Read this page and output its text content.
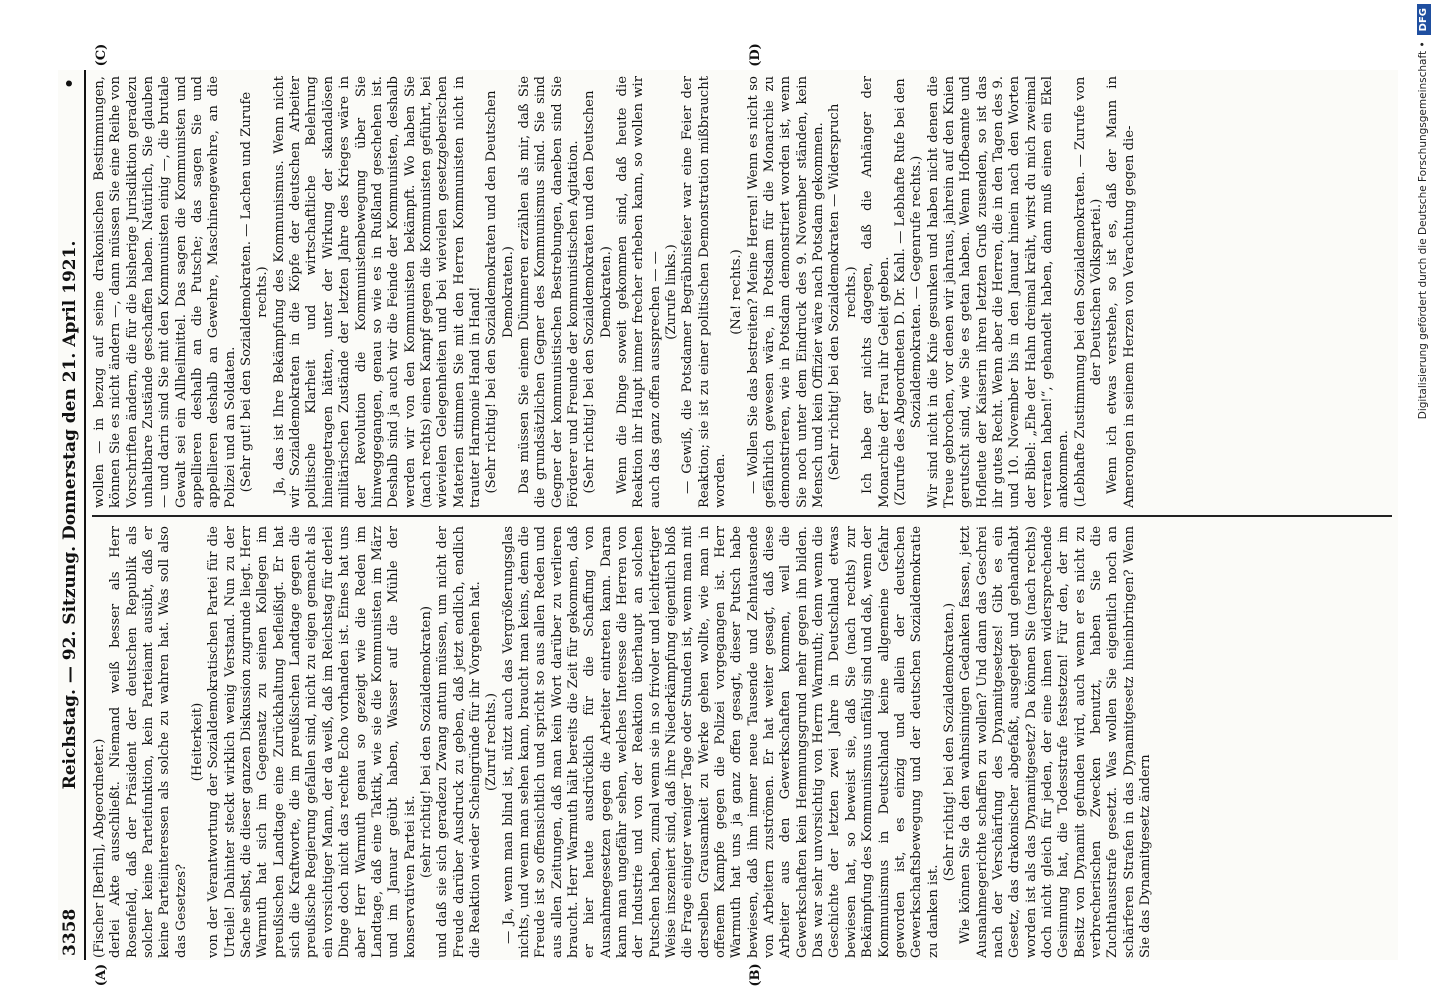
3358
Reichstag. — 92. Sitzung. Donnerstag den 21. April 1921.
•
(A)	(B)
(C)	(D)

(Fischer [Berlin], Abgeordneter.) derlei Akte ausschließt. Niemand weiß besser als Herr Rosenfeld, daß der Präsident der deutschen Republik als solcher keine Parteifunktion, kein Parteiamt ausübt, daß er keine Parteiinteressen als solche zu wahren hat. Was soll also das Gesetzes?

(Heiterkeit) von der Verantwortung der Sozialdemokratischen Partei für die Urteile! Dahinter steckt wirklich wenig Verstand. Nun zu der Sache selbst, die dieser ganzen Diskussion zugrunde liegt. Herr Warmuth hat sich im Gegensatz zu seinen Kollegen im preußischen Landtage eine Zurückhaltung befleißigt. Er hat sich die Kraftworte, die im preußischen Landtage gegen die preußische Regierung gefallen sind, nicht zu eigen gemacht als ein vorsichtiger Mann, der da weiß, daß im Reichstag für derlei Dinge doch nicht das rechte Echo vorhanden ist. Eines hat uns aber Herr Warmuth genau so gezeigt wie die Reden im Landtage, daß eine Taktik, wie sie die Kommunisten im März und im Januar geübt haben, Wasser auf die Mühle der konservativen Partei ist. (sehr richtig! bei den Sozialdemokraten) und daß sie sich geradezu Zwang antun müssen, um nicht der Freude darüber Ausdruck zu geben, daß jetzt endlich, endlich die Reaktion wieder Scheingründe für ihr Vorgehen hat. (Zuruf rechts.) — Ja, wenn man blind ist, nützt auch das Vergrößerungsglas nichts, und wenn man sehen kann, braucht man keins, denn die Freude ist so offensichtlich und spricht so aus allen Reden und aus allen Zeitungen, daß man kein Wort darüber zu verlieren braucht. Herr Warmuth hält bereits die Zeit für gekommen, daß er hier heute ausdrücklich für die Schaffung von Ausnahmegesetzen gegen die Arbeiter eintreten kann. Daran kann man ungefähr sehen, welches Interesse die Herren von der Industrie und von der Reaktion überhaupt an solchen Putschen haben, zumal wenn sie in so frivoler und leichtfertiger Weise inszeniert sind, daß ihre Niederkämpfung eigentlich bloß die Frage einiger weniger Tage oder Stunden ist, wenn man mit derselben Grausamkeit zu Werke gehen wollte, wie man in offenem Kampfe gegen die Polizei vorgegangen ist. Herr Warmuth hat uns ja ganz offen gesagt, dieser Putsch habe bewiesen, daß ihm immer neue Tausende und Zehntausende von Arbeitern zuströmen. Er hat weiter gesagt, daß diese Arbeiter aus den Gewerkschaften kommen, weil die Gewerkschaften kein Hemmungsgrund mehr gegen ihn bilden. Das war sehr unvorsichtig von Herrn Warmuth; denn wenn die Geschichte der letzten zwei Jahre in Deutschland etwas bewiesen hat, so beweist sie, daß Sie (nach rechts) zur Bekämpfung des Kommunismus unfähig sind und daß, wenn der Kommunismus in Deutschland keine allgemeine Gefahr geworden ist, es einzig und allein der deutschen Gewerkschaftsbewegung und der deutschen Sozialdemokratie zu danken ist.

(Sehr richtig! bei den Sozialdemokraten.) Wie können Sie da den wahnsinnigen Gedanken fassen, jetzt Ausnahmegerichte schaffen zu wollen? Und dann das Geschrei nach der Verschärfung des Dynamitgesetzes! Gibt es ein Gesetz, das drakonischer abgefaßt, ausgelegt und gehandhabt worden ist als das Dynamitgesetz? Da können Sie (nach rechts) doch nicht gleich für jeden, der eine ihnen widersprechende Gesinnung hat, die Todesstrafe festsetzen! Für den, der im Besitz von Dynamit gefunden wird, auch wenn er es nicht zu verbrecherischen Zwecken benutzt, haben Sie die Zuchthausstrafe gesetzt. Was wollen Sie eigentlich noch an schärferen Strafen in das Dynamitgesetz hineinbringen? Wenn Sie das Dynamitgesetz ändern

wollen — in bezug auf seine drakonischen Bestimmungen, können Sie es nicht ändern —, dann müssen Sie eine Reihe von Vorschriften ändern, die für die bisherige Jurisdiktion geradezu unhaltbare Zustände geschaffen haben. Natürlich, Sie glauben — und darin sind Sie mit den Kommunisten einig —, die brutale Gewalt sei ein Allheilmittel. Das sagen die Kommunisten und appellieren deshalb an die Putsche; das sagen Sie und appellieren deshalb an Gewehre, Maschinengewehre, an die Polizei und an Soldaten. (Sehr gut! bei den Sozialdemokraten. — Lachen und Zurufe rechts.) Ja, das ist Ihre Bekämpfung des Kommunismus. Wenn nicht wir Sozialdemokraten in die Köpfe der deutschen Arbeiter politische Klarheit und wirtschaftliche Belehrung hineingetragen hätten, unter der Wirkung der skandalösen militärischen Zustände der letzten Jahre des Krieges wäre in der Revolution die Kommunistenbewegung über Sie hinweggegangen, genau so wie es in Rußland geschehen ist. Deshalb sind ja auch wir die Feinde der Kommunisten, deshalb werden wir von den Kommunisten bekämpft. Wo haben Sie (nach rechts) einen Kampf gegen die Kommunisten geführt, bei wievielen Gelegenheiten und bei wievielen gesetzgeberischen Materien stimmen Sie mit den Herren Kommunisten nicht in trauter Harmonie Hand in Hand! (Sehr richtig! bei den Sozialdemokraten und den Deutschen Demokraten.) Das müssen Sie einem Dümmeren erzählen als mir, daß Sie die grundsätzlichen Gegner des Kommunismus sind. Sie sind Gegner der kommunistischen Bestrebungen, daneben sind Sie Förderer und Freunde der kommunistischen Agitation. (Sehr richtig! bei den Sozialdemokraten und den Deutschen Demokraten.) Wenn die Dinge soweit gekommen sind, daß heute die Reaktion ihr Haupt immer frecher erheben kann, so wollen wir auch das ganz offen aussprechen — — (Zurufe links.) — Gewiß, die Potsdamer Begräbnisfeier war eine Feier der Reaktion; sie ist zu einer politischen Demonstration mißbraucht worden.

(Na! rechts.) — Wollen Sie das bestreiten? Meine Herren! Wenn es nicht so gefährlich gewesen wäre, in Potsdam für die Monarchie zu demonstrieren, wie in Potsdam demonstriert worden ist, wenn Sie noch unter dem Eindruck des 9. November ständen, kein Mensch und kein Offizier wäre nach Potsdam gekommen. (Sehr richtig! bei den Sozialdemokraten — Widerspruch rechts.) Ich habe gar nichts dagegen, daß die Anhänger der Monarchie der Frau ihr Geleit geben. (Zurufe des Abgeordneten D. Dr. Kahl. — Lebhafte Rufe bei den Sozialdemokraten. — Gegenrufe rechts.) Wir sind nicht in die Knie gesunken und haben nicht denen die Treue gebrochen, vor denen wir jahraus, jahrein auf den Knien gerutscht sind, wie Sie es getan haben. Wenn Hofbeamte und Hofleute der Kaiserin ihren letzten Gruß zusenden, so ist das ihr gutes Recht. Wenn aber die Herren, die in den Tagen des 9. und 10. November bis in den Januar hinein nach den Worten der Bibel: „Ehe der Hahn dreimal kräht, wirst du mich zweimal verraten haben!“, gehandelt haben, dann muß einen ein Ekel ankommen. (Lebhafte Zustimmung bei den Sozialdemokraten. — Zurufe von der Deutschen Volkspartei.) Wenn ich etwas verstehe, so ist es, daß der Mann in Amerongen in seinem Herzen von Verachtung gegen die-	Digitalisierung gefördert durch die Deutsche Forschungsgemeinschaft •DFG
